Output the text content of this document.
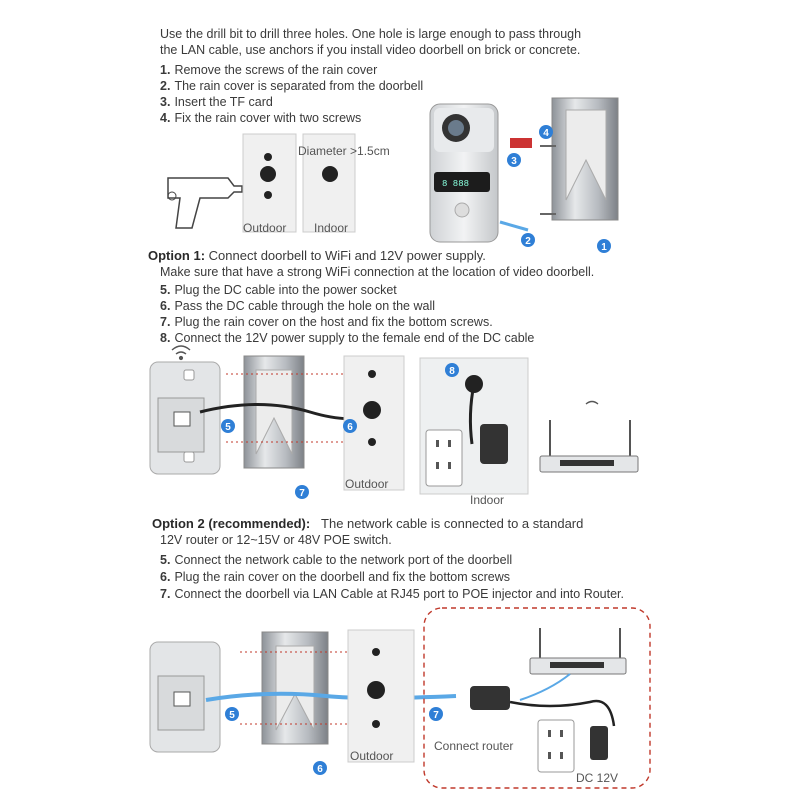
Use the drill bit to drill three holes. One hole is large enough to pass through
the LAN cable, use anchors if you install video doorbell on brick or concrete.
1. Remove the screws of the rain cover
2. The rain cover is separated from the doorbell
3. Insert the TF card
4. Fix the rain cover with two screws
Option 1: Connect doorbell to WiFi and 12V power supply.
Make sure that have a strong WiFi connection at the location of video doorbell.
5. Plug the DC cable into the power socket
6. Pass the DC cable through the hole on the wall
7. Plug the rain cover on the host and fix the bottom screws.
8. Connect the 12V power supply to the female end of the DC cable
Option 2 (recommended): The network cable is connected to a standard
12V router or 12~15V or 48V POE switch.
5. Connect the network cable to the network port of the doorbell
6. Plug the rain cover on the doorbell and fix the bottom screws
7. Connect the doorbell via LAN Cable at RJ45 port to POE injector and into Router.
Diameter >1.5cm
Outdoor Indoor
8 888
Outdoor
Indoor
Outdoor
Connect router
DC 12V
4
3
2
1
5	6
7
8
5
6
7
